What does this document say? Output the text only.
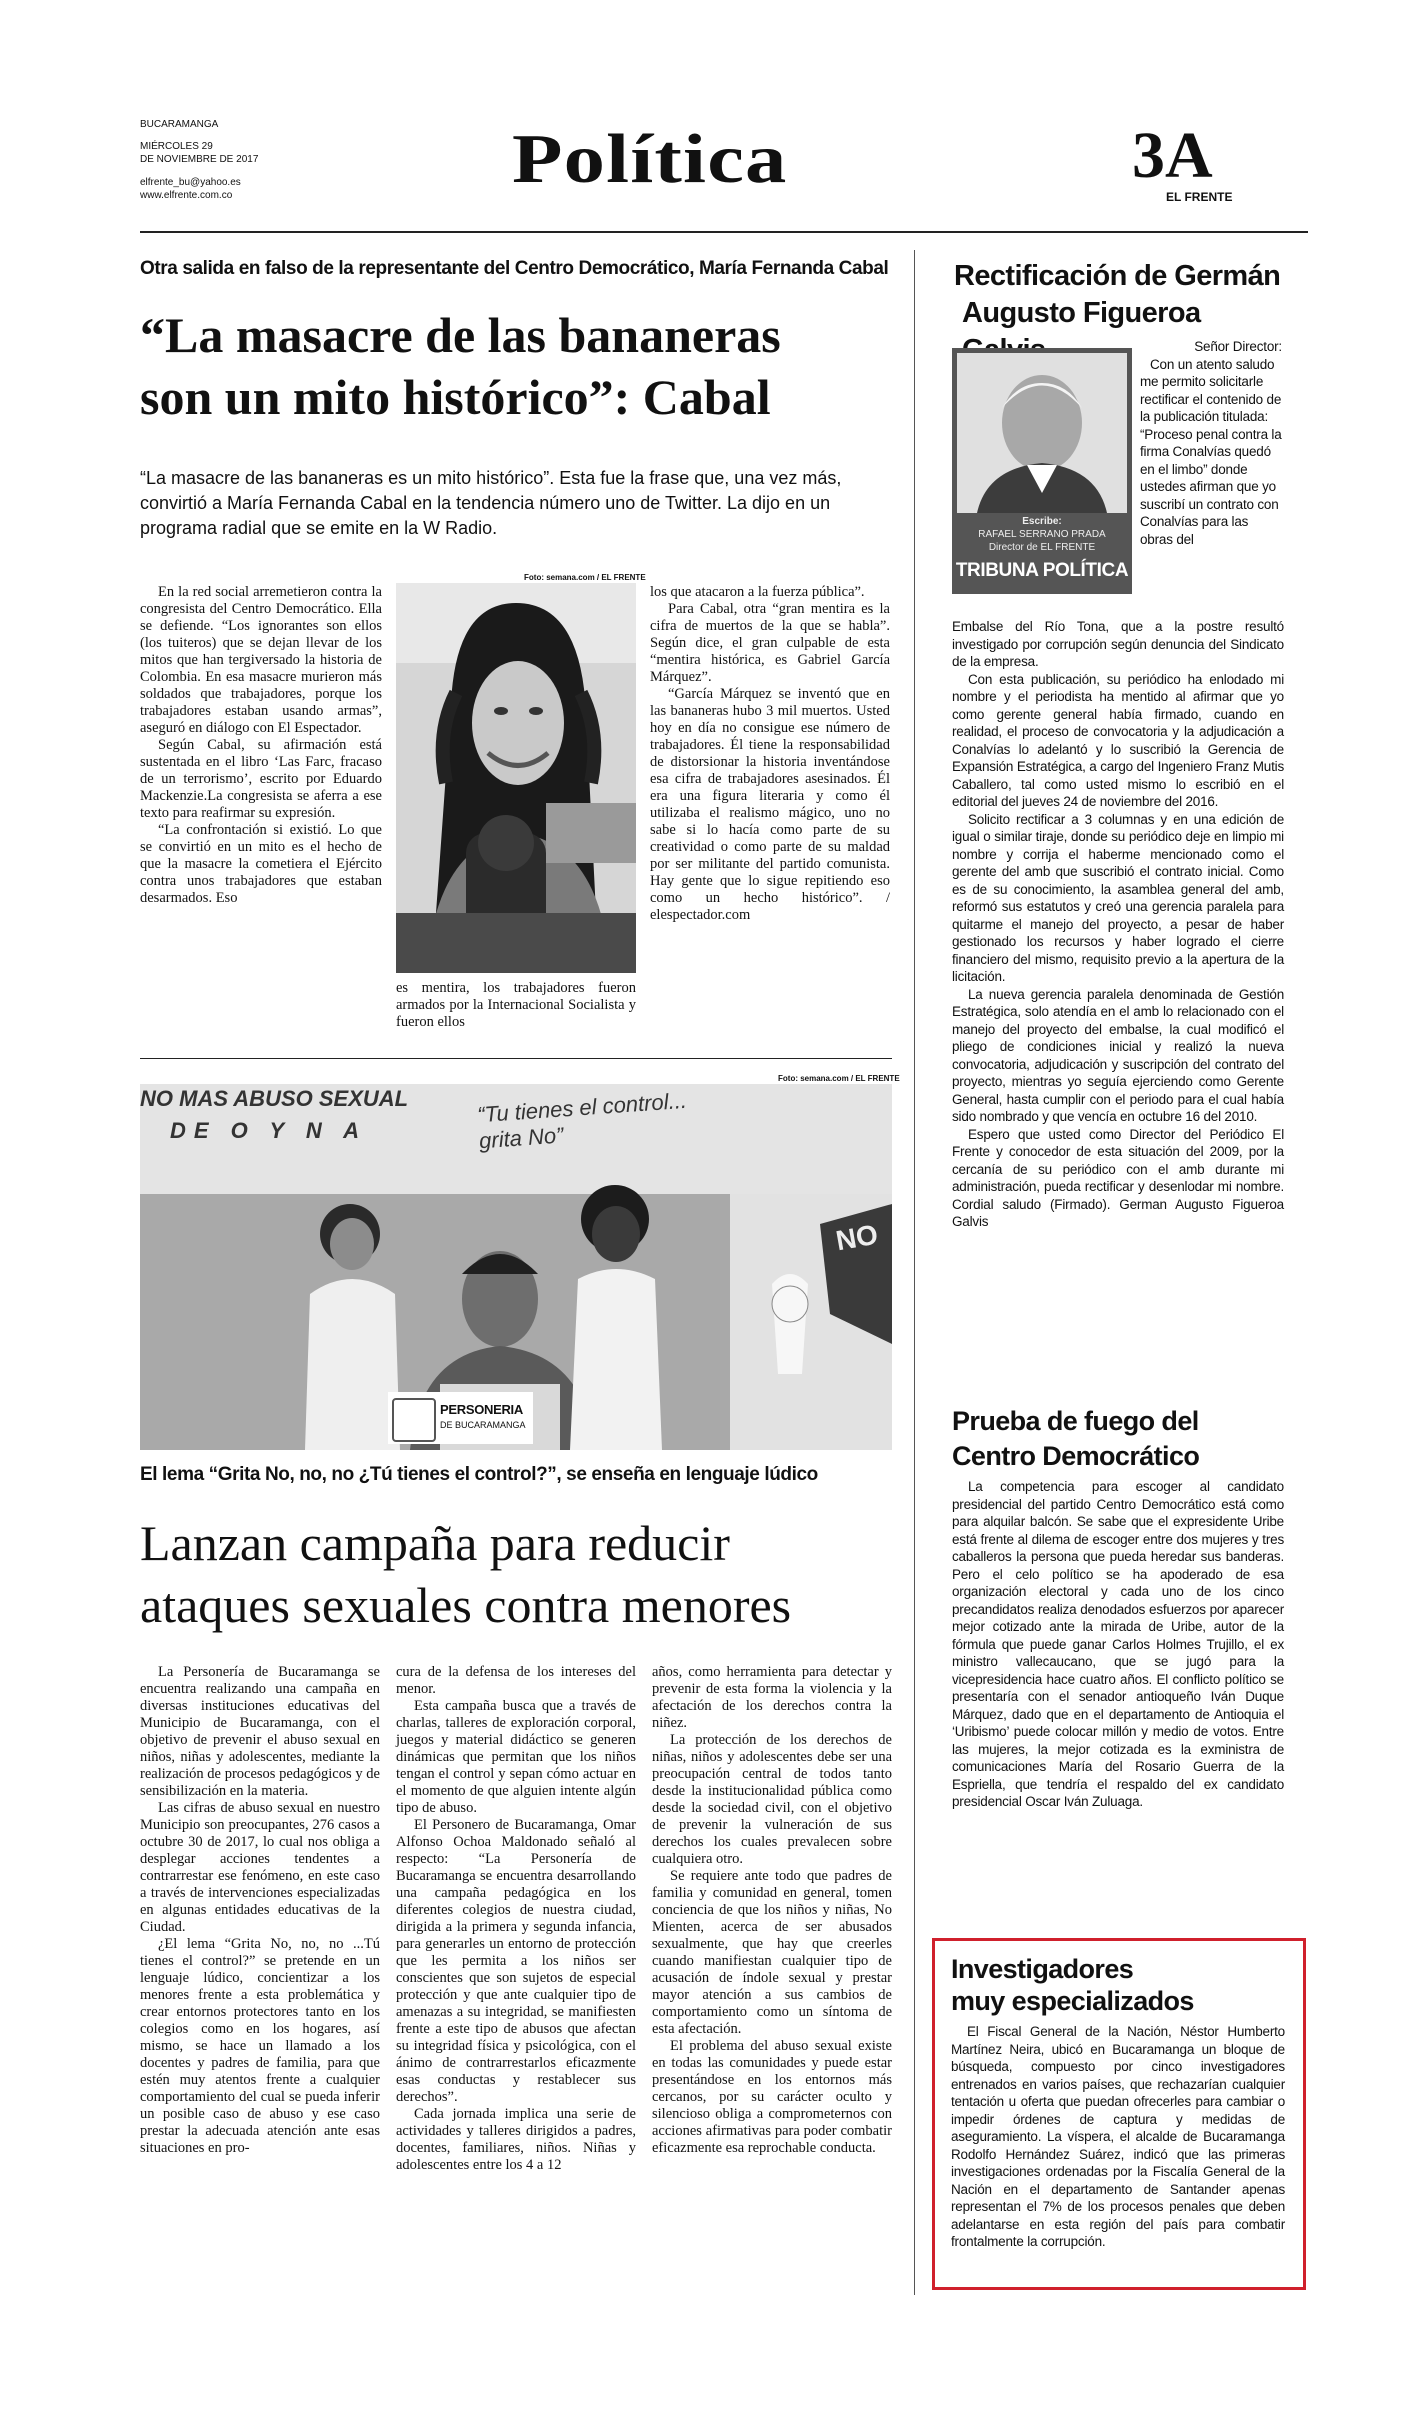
BUCARAMANGA
MIÉRCOLES 29
DE NOVIEMBRE DE 2017
elfrente_bu@yahoo.es
www.elfrente.com.co	Política	3A
EL FRENTE
Otra salida en falso de la representante del Centro Democrático, María Fernanda Cabal
“La masacre de las bananeras
son un mito histórico”: Cabal

“La masacre de las bananeras es un mito histórico”. Esta fue la frase que, una vez más, convirtió a María Fernanda Cabal en la tendencia número uno de Twitter. La dijo en un programa radial que se emite en la W Radio.

En la red social arremetieron contra la congresista del Centro Democrático. Ella se defiende. “Los ignorantes son ellos (los tuiteros) que se dejan llevar de los mitos que han tergiversado la historia de Colombia. En esa masacre murieron más soldados que trabajadores, porque los trabajadores estaban usando armas”, aseguró en diálogo con El Espectador.

Según Cabal, su afirmación está sustentada en el libro ‘Las Farc, fracaso de un terrorismo’, escrito por Eduardo Mackenzie.La congresista se aferra a ese texto para reafirmar su expresión.

“La confrontación si existió. Lo que se convirtió en un mito es el hecho de que la masacre la cometiera el Ejército contra unos trabajadores que estaban desarmados. Eso

Foto: semana.com / EL FRENTE

es mentira, los trabajadores fueron armados por la Internacional Socialista y fueron ellos

los que atacaron a la fuerza pública”.

Para Cabal, otra “gran mentira es la cifra de muertos de la que se habla”. Según dice, el gran culpable de esta “mentira histórica, es Gabriel García Márquez”.

“García Márquez se inventó que en las bananeras hubo 3 mil muertos. Usted hoy en día no consigue ese número de trabajadores. Él tiene la responsabilidad de distorsionar la historia inventándose esa cifra de trabajadores asesinados. Él era una figura literaria y como él utilizaba el realismo mágico, uno no sabe si lo hacía como parte de su creatividad o como parte de su maldad por ser militante del partido comunista. Hay gente que lo sigue repitiendo eso como un hecho histórico”. / elespectador.com

Foto: semana.com / EL FRENTE
NO MAS ABUSO SEXUAL
DE O Y N A
“Tu tienes el control... grita No”
NO
PERSONERIA
DE BUCARAMANGA
El lema “Grita No, no, no ¿Tú tienes el control?”, se enseña en lenguaje lúdico
Lanzan campaña para reducir
ataques sexuales contra menores

La Personería de Bucaramanga se encuentra realizando una campaña en diversas instituciones educativas del Municipio de Bucaramanga, con el objetivo de prevenir el abuso sexual en niños, niñas y adolescentes, mediante la realización de procesos pedagógicos y de sensibilización en la materia.

Las cifras de abuso sexual en nuestro Municipio son preocupantes, 276 casos a octubre 30 de 2017, lo cual nos obliga a desplegar acciones tendentes a contrarrestar ese fenómeno, en este caso a través de intervenciones especializadas en algunas entidades educativas de la Ciudad.

¿El lema “Grita No, no, no ...Tú tienes el control?” se pretende en un lenguaje lúdico, concientizar a los menores frente a esta problemática y crear entornos protectores tanto en los colegios como en los hogares, así mismo, se hace un llamado a los docentes y padres de familia, para que estén muy atentos frente a cualquier comportamiento del cual se pueda inferir un posible caso de abuso y ese caso prestar la adecuada atención ante esas situaciones en pro-

cura de la defensa de los intereses del menor.

Esta campaña busca que a través de charlas, talleres de exploración corporal, juegos y material didáctico se generen dinámicas que permitan que los niños tengan el control y sepan cómo actuar en el momento de que alguien intente algún tipo de abuso.

El Personero de Bucaramanga, Omar Alfonso Ochoa Maldonado señaló al respecto: “La Personería de Bucaramanga se encuentra desarrollando una campaña pedagógica en los diferentes colegios de nuestra ciudad, dirigida a la primera y segunda infancia, para generarles un entorno de protección que les permita a los niños ser conscientes que son sujetos de especial protección y que ante cualquier tipo de amenazas a su integridad, se manifiesten frente a este tipo de abusos que afectan su integridad física y psicológica, con el ánimo de contrarrestarlos eficazmente esas conductas y restablecer sus derechos”.

Cada jornada implica una serie de actividades y talleres dirigidos a padres, docentes, familiares, niños. Niñas y adolescentes entre los 4 a 12

años, como herramienta para detectar y prevenir de esta forma la violencia y la afectación de los derechos contra la niñez.

La protección de los derechos de niñas, niños y adolescentes debe ser una preocupación central de todos tanto desde la institucionalidad pública como desde la sociedad civil, con el objetivo de prevenir la vulneración de sus derechos los cuales prevalecen sobre cualquiera otro.

Se requiere ante todo que padres de familia y comunidad en general, tomen conciencia de que los niños y niñas, No Mienten, acerca de ser abusados sexualmente, que hay que creerles cuando manifiestan cualquier tipo de acusación de índole sexual y prestar mayor atención a sus cambios de comportamiento como un síntoma de esta afectación.

El problema del abuso sexual existe en todas las comunidades y puede estar presentándose en los entornos más cercanos, por su carácter oculto y silencioso obliga a comprometernos con acciones afirmativas para poder combatir eficazmente esa reprochable conducta.

Rectificación de Germán
Augusto Figueroa
Escribe:
RAFAEL SERRANO PRADA
Director de EL FRENTE
TRIBUNA POLÍTICA

Señor Director:

Con un atento saludo me permito solicitarle rectificar el contenido de la publicación titulada: “Proceso penal contra la firma Conalvías quedó en el limbo” donde ustedes afirman que yo suscribí un contrato con Conalvías para las obras del

Embalse del Río Tona, que a la postre resultó investigado por corrupción según denuncia del Sindicato de la empresa.

Con esta publicación, su periódico ha enlodado mi nombre y el periodista ha mentido al afirmar que yo como gerente general había firmado, cuando en realidad, el proceso de convocatoria y la adjudicación a Conalvías lo adelantó y lo suscribió la Gerencia de Expansión Estratégica, a cargo del Ingeniero Franz Mutis Caballero, tal como usted mismo lo escribió en el editorial del jueves 24 de noviembre del 2016.

Solicito rectificar a 3 columnas y en una edición de igual o similar tiraje, donde su periódico deje en limpio mi nombre y corrija el haberme mencionado como el gerente del amb que suscribió el contrato inicial. Como es de su conocimiento, la asamblea general del amb, reformó sus estatutos y creó una gerencia paralela para quitarme el manejo del proyecto, a pesar de haber gestionado los recursos y haber logrado el cierre financiero del mismo, requisito previo a la apertura de la licitación.

La nueva gerencia paralela denominada de Gestión Estratégica, solo atendía en el amb lo relacionado con el manejo del proyecto del embalse, la cual modificó el pliego de condiciones inicial y realizó la nueva convocatoria, adjudicación y suscripción del contrato del proyecto, mientras yo seguía ejerciendo como Gerente General, hasta cumplir con el periodo para el cual había sido nombrado y que vencía en octubre 16 del 2010.

Espero que usted como Director del Periódico El Frente y conocedor de esta situación del 2009, por la cercanía de su periódico con el amb durante mi administración, pueda rectificar y desenlodar mi nombre. Cordial saludo (Firmado). German Augusto Figueroa Galvis

Prueba de fuego del
Centro Democrático

La competencia para escoger al candidato presidencial del partido Centro Democrático está como para alquilar balcón. Se sabe que el expresidente Uribe está frente al dilema de escoger entre dos mujeres y tres caballeros la persona que pueda heredar sus banderas. Pero el celo político se ha apoderado de esa organización electoral y cada uno de los cinco precandidatos realiza denodados esfuerzos por aparecer mejor cotizado ante la mirada de Uribe, autor de la fórmula que puede ganar Carlos Holmes Trujillo, el ex ministro vallecaucano, que se jugó para la vicepresidencia hace cuatro años. El conflicto político se presentaría con el senador antioqueño Iván Duque Márquez, dado que en el departamento de Antioquia el ‘Uribismo’ puede colocar millón y medio de votos. Entre las mujeres, la mejor cotizada es la exministra de comunicaciones María del Rosario Guerra de la Espriella, que tendría el respaldo del ex candidato presidencial Oscar Iván Zuluaga.

Investigadores
muy especializados

El Fiscal General de la Nación, Néstor Humberto Martínez Neira, ubicó en Bucaramanga un bloque de búsqueda, compuesto por cinco investigadores entrenados en varios países, que rechazarían cualquier tentación u oferta que puedan ofrecerles para cambiar o impedir órdenes de captura y medidas de aseguramiento. La víspera, el alcalde de Bucaramanga Rodolfo Hernández Suárez, indicó que las primeras investigaciones ordenadas por la Fiscalía General de la Nación en el departamento de Santander apenas representan el 7% de los procesos penales que deben adelantarse en esta región del país para combatir frontalmente la corrupción.
